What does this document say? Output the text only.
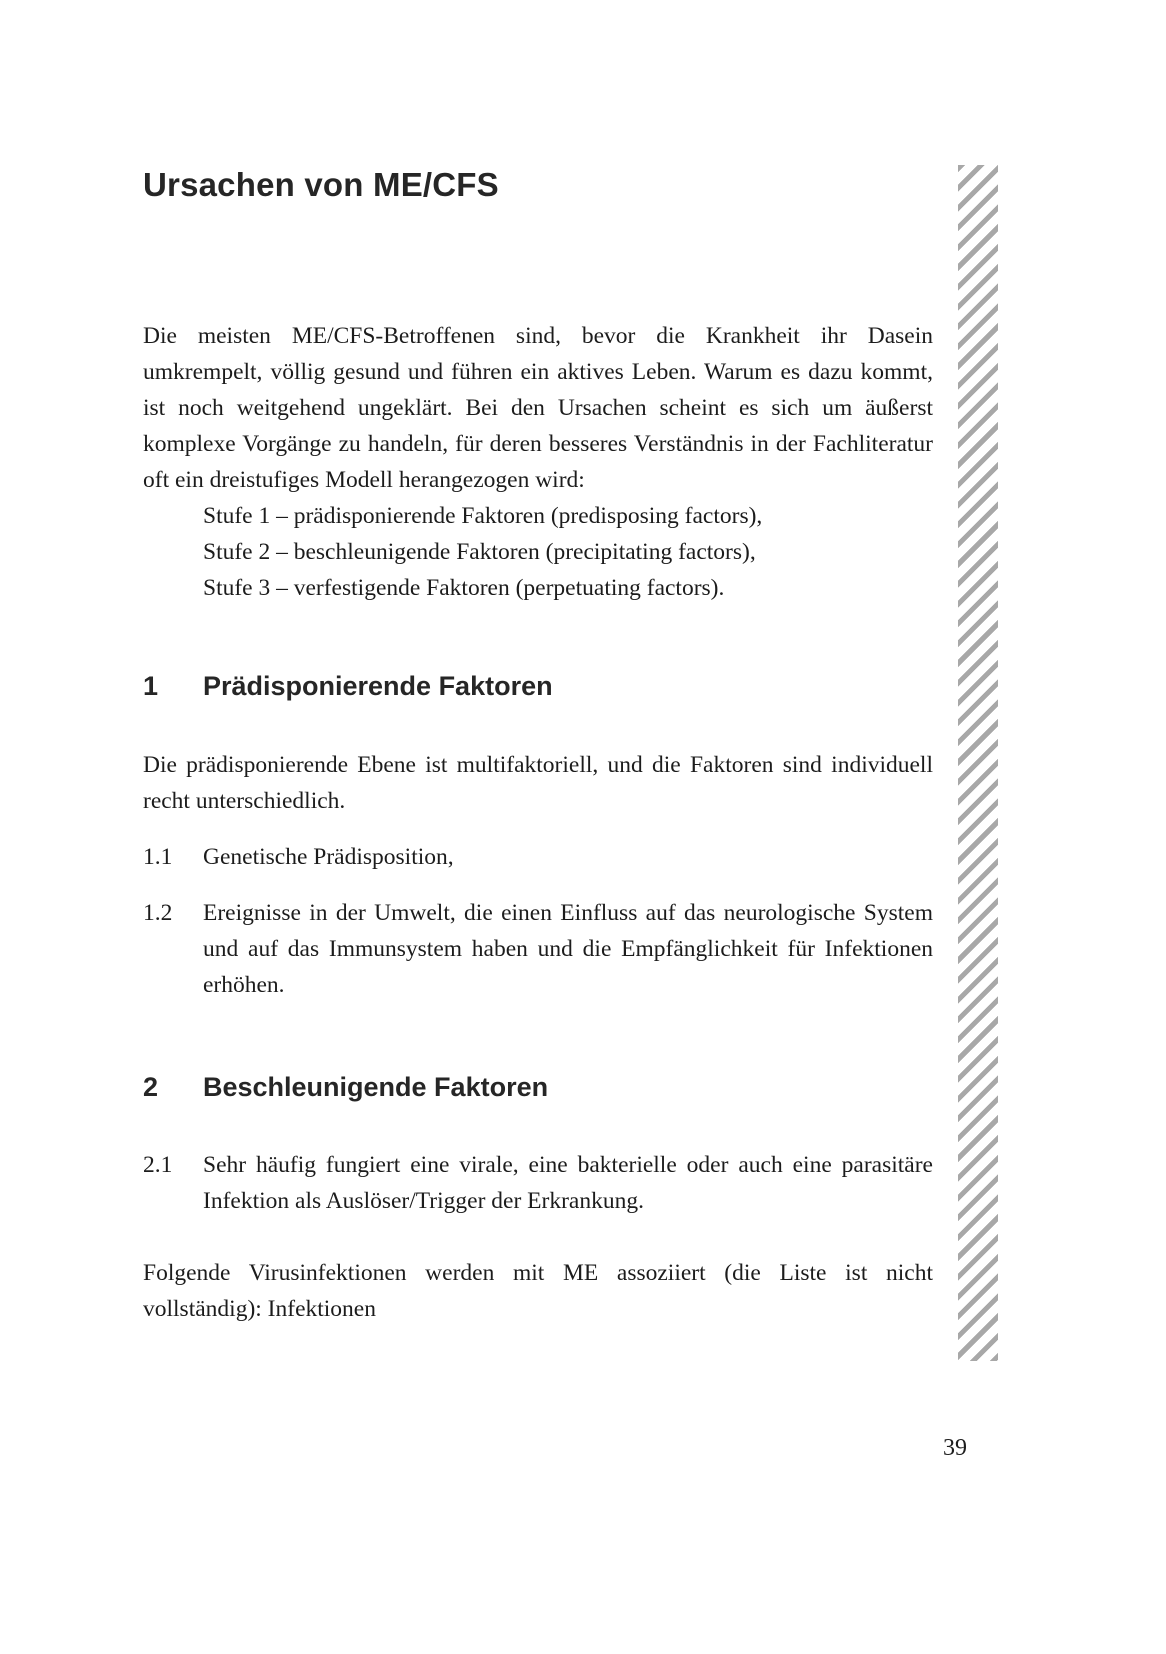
Ursachen von ME/CFS

Die meisten ME/CFS-Betroffenen sind, bevor die Krankheit ihr Dasein umkrempelt, völlig gesund und führen ein aktives Leben. Warum es dazu kommt, ist noch weitgehend ungeklärt. Bei den Ursachen scheint es sich um äußerst komplexe Vorgänge zu handeln, für deren besseres Verständnis in der Fachliteratur oft ein dreistufiges Modell herangezogen wird:

Stufe 1 – prädisponierende Faktoren (predisposing factors),
Stufe 2 – beschleunigende Faktoren (precipitating factors),
Stufe 3 – verfestigende Faktoren (perpetuating factors).
1	Prädisponierende Faktoren

Die prädisponierende Ebene ist multifaktoriell, und die Faktoren sind individuell recht unterschiedlich.

1.1	Genetische Prädisposition,
1.2	Ereignisse in der Umwelt, die einen Einfluss auf das neurologische System und auf das Immunsystem haben und die Empfänglichkeit für Infektionen erhöhen.
2	Beschleunigende Faktoren
2.1	Sehr häufig fungiert eine virale, eine bakterielle oder auch eine parasitäre Infektion als Auslöser/Trigger der Erkrankung.

Folgende Virusinfektionen werden mit ME assoziiert (die Liste ist nicht vollständig): Infektionen

39
